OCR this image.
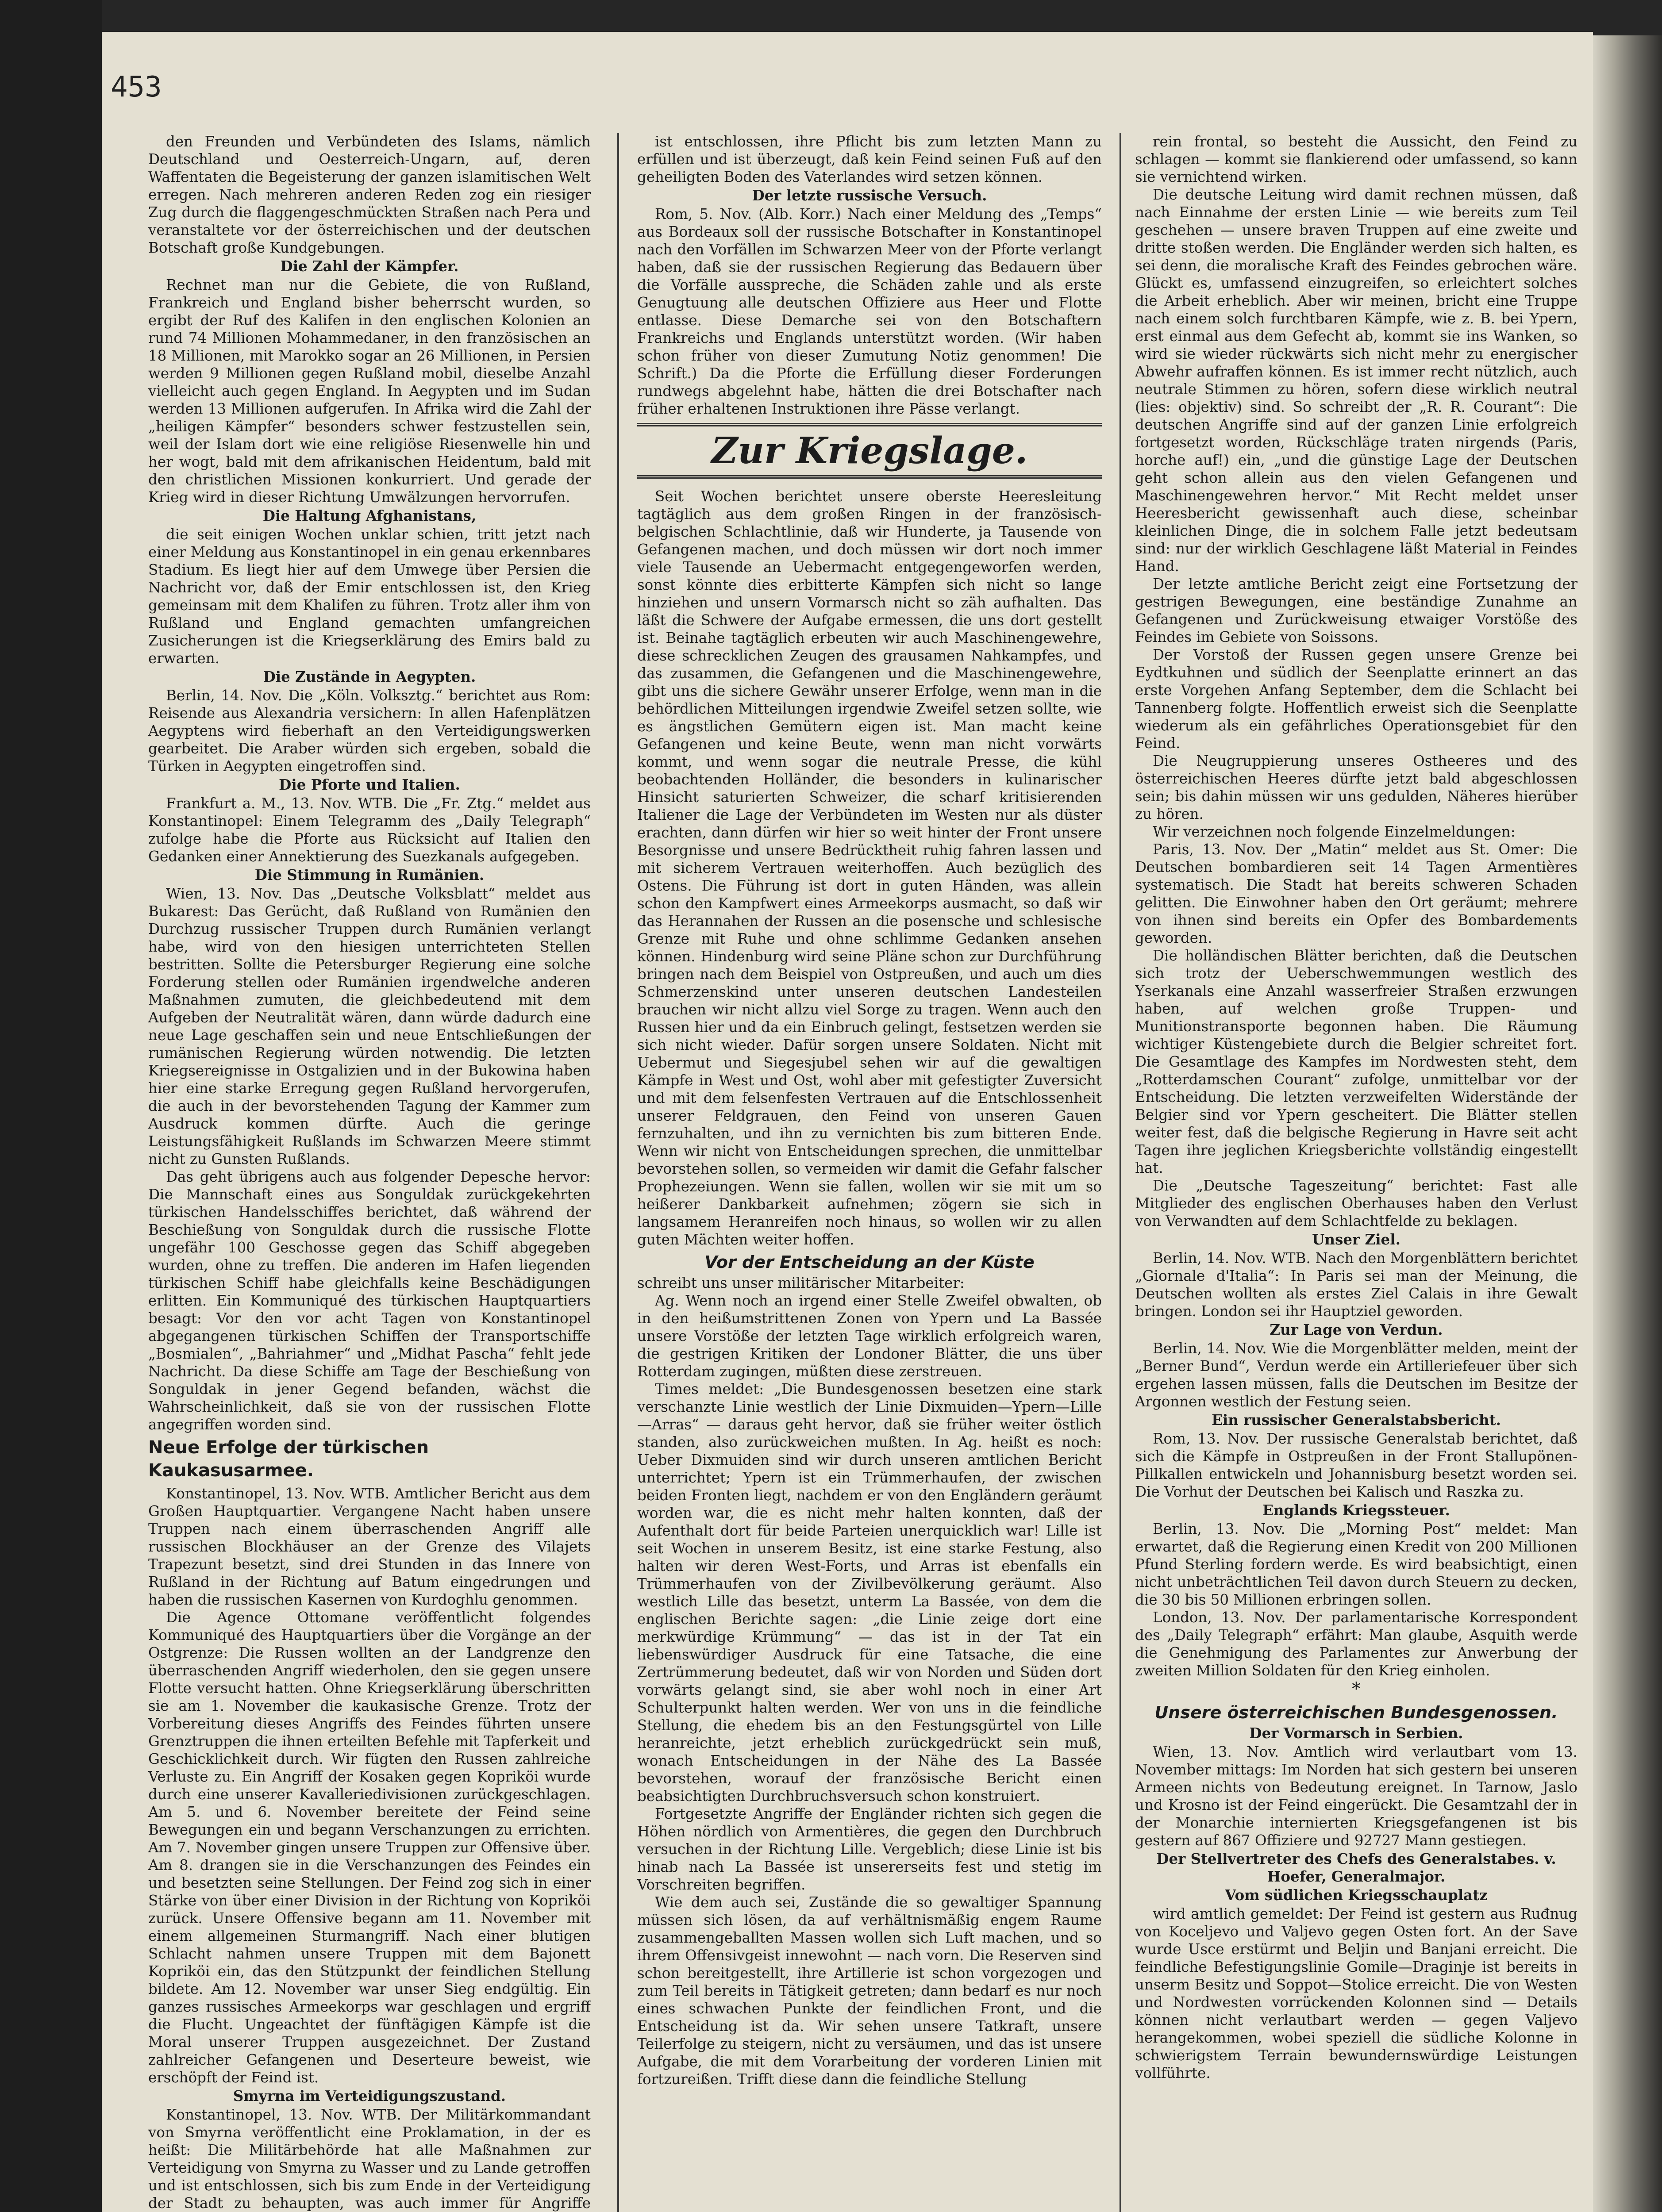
453

den Freunden und Verbündeten des Islams, nämlich Deutschland und Oesterreich-Ungarn, auf, deren Waffentaten die Begeisterung der ganzen islamitischen Welt erregen. Nach mehreren anderen Reden zog ein riesiger Zug durch die flaggengeschmückten Straßen nach Pera und veranstaltete vor der österreichischen und der deutschen Botschaft große Kundgebungen.

Die Zahl der Kämpfer.

Rechnet man nur die Gebiete, die von Rußland, Frankreich und England bisher beherrscht wurden, so ergibt der Ruf des Kalifen in den englischen Kolonien an rund 74 Millionen Mohammedaner, in den französischen an 18 Millionen, mit Marokko sogar an 26 Millionen, in Persien werden 9 Millionen gegen Rußland mobil, dieselbe Anzahl vielleicht auch gegen England. In Aegypten und im Sudan werden 13 Millionen aufgerufen. In Afrika wird die Zahl der „heiligen Kämpfer“ besonders schwer festzustellen sein, weil der Islam dort wie eine religiöse Riesenwelle hin und her wogt, bald mit dem afrikanischen Heidentum, bald mit den christlichen Missionen konkurriert. Und gerade der Krieg wird in dieser Richtung Umwälzungen hervorrufen.

Die Haltung Afghanistans,

die seit einigen Wochen unklar schien, tritt jetzt nach einer Meldung aus Konstantinopel in ein genau erkennbares Stadium. Es liegt hier auf dem Umwege über Persien die Nachricht vor, daß der Emir entschlossen ist, den Krieg gemeinsam mit dem Khalifen zu führen. Trotz aller ihm von Rußland und England gemachten umfangreichen Zusicherungen ist die Kriegserklärung des Emirs bald zu erwarten.

Die Zustände in Aegypten.

Berlin, 14. Nov. Die „Köln. Volksztg.“ berichtet aus Rom: Reisende aus Alexandria versichern: In allen Hafenplätzen Aegyptens wird fieberhaft an den Verteidigungswerken gearbeitet. Die Araber würden sich ergeben, sobald die Türken in Aegypten eingetroffen sind.

Die Pforte und Italien.

Frankfurt a. M., 13. Nov. WTB. Die „Fr. Ztg.“ meldet aus Konstantinopel: Einem Telegramm des „Daily Telegraph“ zufolge habe die Pforte aus Rücksicht auf Italien den Gedanken einer Annektierung des Suezkanals aufgegeben.

Die Stimmung in Rumänien.

Wien, 13. Nov. Das „Deutsche Volksblatt“ meldet aus Bukarest: Das Gerücht, daß Rußland von Rumänien den Durchzug russischer Truppen durch Rumänien verlangt habe, wird von den hiesigen unterrichteten Stellen bestritten. Sollte die Petersburger Regierung eine solche Forderung stellen oder Rumänien irgendwelche anderen Maßnahmen zumuten, die gleichbedeutend mit dem Aufgeben der Neutralität wären, dann würde dadurch eine neue Lage geschaffen sein und neue Entschließungen der rumänischen Regierung würden notwendig. Die letzten Kriegsereignisse in Ostgalizien und in der Bukowina haben hier eine starke Erregung gegen Rußland hervorgerufen, die auch in der bevorstehenden Tagung der Kammer zum Ausdruck kommen dürfte. Auch die geringe Leistungsfähigkeit Rußlands im Schwarzen Meere stimmt nicht zu Gunsten Rußlands.

Das geht übrigens auch aus folgender Depesche hervor: Die Mannschaft eines aus Songuldak zurückgekehrten türkischen Handelsschiffes berichtet, daß während der Beschießung von Songuldak durch die russische Flotte ungefähr 100 Geschosse gegen das Schiff abgegeben wurden, ohne zu treffen. Die anderen im Hafen liegenden türkischen Schiff habe gleichfalls keine Beschädigungen erlitten. Ein Kommuniqué des türkischen Hauptquartiers besagt: Vor den vor acht Tagen von Konstantinopel abgegangenen türkischen Schiffen der Transportschiffe „Bosmialen“, „Bahriahmer“ und „Midhat Pascha“ fehlt jede Nachricht. Da diese Schiffe am Tage der Beschießung von Songuldak in jener Gegend befanden, wächst die Wahrscheinlichkeit, daß sie von der russischen Flotte angegriffen worden sind.

Neue Erfolge der türkischen Kaukasusarmee.

Konstantinopel, 13. Nov. WTB. Amtlicher Bericht aus dem Großen Hauptquartier. Vergangene Nacht haben unsere Truppen nach einem überraschenden Angriff alle russischen Blockhäuser an der Grenze des Vilajets Trapezunt besetzt, sind drei Stunden in das Innere von Rußland in der Richtung auf Batum eingedrungen und haben die russischen Kasernen von Kurdoghlu genommen.

Die Agence Ottomane veröffentlicht folgendes Kommuniqué des Hauptquartiers über die Vorgänge an der Ostgrenze: Die Russen wollten an der Landgrenze den überraschenden Angriff wiederholen, den sie gegen unsere Flotte versucht hatten. Ohne Kriegserklärung überschritten sie am 1. November die kaukasische Grenze. Trotz der Vorbereitung dieses Angriffs des Feindes führten unsere Grenztruppen die ihnen erteilten Befehle mit Tapferkeit und Geschicklichkeit durch. Wir fügten den Russen zahlreiche Verluste zu. Ein Angriff der Kosaken gegen Kopriköi wurde durch eine unserer Kavalleriedivisionen zurückgeschlagen. Am 5. und 6. November bereitete der Feind seine Bewegungen ein und begann Verschanzungen zu errichten. Am 7. November gingen unsere Truppen zur Offensive über. Am 8. drangen sie in die Verschanzungen des Feindes ein und besetzten seine Stellungen. Der Feind zog sich in einer Stärke von über einer Division in der Richtung von Kopriköi zurück. Unsere Offensive begann am 11. November mit einem allgemeinen Sturmangriff. Nach einer blutigen Schlacht nahmen unsere Truppen mit dem Bajonett Kopriköi ein, das den Stützpunkt der feindlichen Stellung bildete. Am 12. November war unser Sieg endgültig. Ein ganzes russisches Armeekorps war geschlagen und ergriff die Flucht. Ungeachtet der fünftägigen Kämpfe ist die Moral unserer Truppen ausgezeichnet. Der Zustand zahlreicher Gefangenen und Deserteure beweist, wie erschöpft der Feind ist.

Smyrna im Verteidigungszustand.

Konstantinopel, 13. Nov. WTB. Der Militärkommandant von Smyrna veröffentlicht eine Proklamation, in der es heißt: Die Militärbehörde hat alle Maßnahmen zur Verteidigung von Smyrna zu Wasser und zu Lande getroffen und ist entschlossen, sich bis zum Ende in der Verteidigung der Stadt zu behaupten, was auch immer für Angriffe

ist entschlossen, ihre Pflicht bis zum letzten Mann zu erfüllen und ist überzeugt, daß kein Feind seinen Fuß auf den geheiligten Boden des Vaterlandes wird setzen können.

Der letzte russische Versuch.

Rom, 5. Nov. (Alb. Korr.) Nach einer Meldung des „Temps“ aus Bordeaux soll der russische Botschafter in Konstantinopel nach den Vorfällen im Schwarzen Meer von der Pforte verlangt haben, daß sie der russischen Regierung das Bedauern über die Vorfälle ausspreche, die Schäden zahle und als erste Genugtuung alle deutschen Offiziere aus Heer und Flotte entlasse. Diese Demarche sei von den Botschaftern Frankreichs und Englands unterstützt worden. (Wir haben schon früher von dieser Zumutung Notiz genommen! Die Schrift.) Da die Pforte die Erfüllung dieser Forderungen rundwegs abgelehnt habe, hätten die drei Botschafter nach früher erhaltenen Instruktionen ihre Pässe verlangt.

Zur Kriegslage.

Seit Wochen berichtet unsere oberste Heeresleitung tagtäglich aus dem großen Ringen in der französisch-belgischen Schlachtlinie, daß wir Hunderte, ja Tausende von Gefangenen machen, und doch müssen wir dort noch immer viele Tausende an Uebermacht entgegengeworfen werden, sonst könnte dies erbitterte Kämpfen sich nicht so lange hinziehen und unsern Vormarsch nicht so zäh aufhalten. Das läßt die Schwere der Aufgabe ermessen, die uns dort gestellt ist. Beinahe tagtäglich erbeuten wir auch Maschinengewehre, diese schrecklichen Zeugen des grausamen Nahkampfes, und das zusammen, die Gefangenen und die Maschinengewehre, gibt uns die sichere Gewähr unserer Erfolge, wenn man in die behördlichen Mitteilungen irgendwie Zweifel setzen sollte, wie es ängstlichen Gemütern eigen ist. Man macht keine Gefangenen und keine Beute, wenn man nicht vorwärts kommt, und wenn sogar die neutrale Presse, die kühl beobachtenden Holländer, die besonders in kulinarischer Hinsicht saturierten Schweizer, die scharf kritisierenden Italiener die Lage der Verbündeten im Westen nur als düster erachten, dann dürfen wir hier so weit hinter der Front unsere Besorgnisse und unsere Bedrücktheit ruhig fahren lassen und mit sicherem Vertrauen weiterhoffen. Auch bezüglich des Ostens. Die Führung ist dort in guten Händen, was allein schon den Kampfwert eines Armeekorps ausmacht, so daß wir das Herannahen der Russen an die posensche und schlesische Grenze mit Ruhe und ohne schlimme Gedanken ansehen können. Hindenburg wird seine Pläne schon zur Durchführung bringen nach dem Beispiel von Ostpreußen, und auch um dies Schmerzenskind unter unseren deutschen Landesteilen brauchen wir nicht allzu viel Sorge zu tragen. Wenn auch den Russen hier und da ein Einbruch gelingt, festsetzen werden sie sich nicht wieder. Dafür sorgen unsere Soldaten. Nicht mit Uebermut und Siegesjubel sehen wir auf die gewaltigen Kämpfe in West und Ost, wohl aber mit gefestigter Zuversicht und mit dem felsenfesten Vertrauen auf die Entschlossenheit unserer Feldgrauen, den Feind von unseren Gauen fernzuhalten, und ihn zu vernichten bis zum bitteren Ende. Wenn wir nicht von Entscheidungen sprechen, die unmittelbar bevorstehen sollen, so vermeiden wir damit die Gefahr falscher Prophezeiungen. Wenn sie fallen, wollen wir sie mit um so heißerer Dankbarkeit aufnehmen; zögern sie sich in langsamem Heranreifen noch hinaus, so wollen wir zu allen guten Mächten weiter hoffen.

Vor der Entscheidung an der Küste

schreibt uns unser militärischer Mitarbeiter:

Ag. Wenn noch an irgend einer Stelle Zweifel obwalten, ob in den heißumstrittenen Zonen von Ypern und La Bassée unsere Vorstöße der letzten Tage wirklich erfolgreich waren, die gestrigen Kritiken der Londoner Blätter, die uns über Rotterdam zugingen, müßten diese zerstreuen.

Times meldet: „Die Bundesgenossen besetzen eine stark verschanzte Linie westlich der Linie Dixmuiden—Ypern—Lille—Arras“ — daraus geht hervor, daß sie früher weiter östlich standen, also zurückweichen mußten. In Ag. heißt es noch: Ueber Dixmuiden sind wir durch unseren amtlichen Bericht unterrichtet; Ypern ist ein Trümmerhaufen, der zwischen beiden Fronten liegt, nachdem er von den Engländern geräumt worden war, die es nicht mehr halten konnten, daß der Aufenthalt dort für beide Parteien unerquicklich war! Lille ist seit Wochen in unserem Besitz, ist eine starke Festung, also halten wir deren West-Forts, und Arras ist ebenfalls ein Trümmerhaufen von der Zivilbevölkerung geräumt. Also westlich Lille das besetzt, unterm La Bassée, von dem die englischen Berichte sagen: „die Linie zeige dort eine merkwürdige Krümmung“ — das ist in der Tat ein liebenswürdiger Ausdruck für eine Tatsache, die eine Zertrümmerung bedeutet, daß wir von Norden und Süden dort vorwärts gelangt sind, sie aber wohl noch in einer Art Schulterpunkt halten werden. Wer von uns in die feindliche Stellung, die ehedem bis an den Festungsgürtel von Lille heranreichte, jetzt erheblich zurückgedrückt sein muß, wonach Entscheidungen in der Nähe des La Bassée bevorstehen, worauf der französische Bericht einen beabsichtigten Durchbruchsversuch schon konstruiert.

Fortgesetzte Angriffe der Engländer richten sich gegen die Höhen nördlich von Armentières, die gegen den Durchbruch versuchen in der Richtung Lille. Vergeblich; diese Linie ist bis hinab nach La Bassée ist unsererseits fest und stetig im Vorschreiten begriffen.

Wie dem auch sei, Zustände die so gewaltiger Spannung müssen sich lösen, da auf verhältnismäßig engem Raume zusammengeballten Massen wollen sich Luft machen, und so ihrem Offensivgeist innewohnt — nach vorn. Die Reserven sind schon bereitgestellt, ihre Artillerie ist schon vorgezogen und zum Teil bereits in Tätigkeit getreten; dann bedarf es nur noch eines schwachen Punkte der feindlichen Front, und die Entscheidung ist da. Wir sehen unsere Tatkraft, unsere Teilerfolge zu steigern, nicht zu versäumen, und das ist unsere Aufgabe, die mit dem Vorarbeitung der vorderen Linien mit fortzureißen. Trifft diese dann die feindliche Stellung

rein frontal, so besteht die Aussicht, den Feind zu schlagen — kommt sie flankierend oder umfassend, so kann sie vernichtend wirken.

Die deutsche Leitung wird damit rechnen müssen, daß nach Einnahme der ersten Linie — wie bereits zum Teil geschehen — unsere braven Truppen auf eine zweite und dritte stoßen werden. Die Engländer werden sich halten, es sei denn, die moralische Kraft des Feindes gebrochen wäre. Glückt es, umfassend einzugreifen, so erleichtert solches die Arbeit erheblich. Aber wir meinen, bricht eine Truppe nach einem solch furchtbaren Kämpfe, wie z. B. bei Ypern, erst einmal aus dem Gefecht ab, kommt sie ins Wanken, so wird sie wieder rückwärts sich nicht mehr zu energischer Abwehr aufraffen können. Es ist immer recht nützlich, auch neutrale Stimmen zu hören, sofern diese wirklich neutral (lies: objektiv) sind. So schreibt der „R. R. Courant“: Die deutschen Angriffe sind auf der ganzen Linie erfolgreich fortgesetzt worden, Rückschläge traten nirgends (Paris, horche auf!) ein, „und die günstige Lage der Deutschen geht schon allein aus den vielen Gefangenen und Maschinengewehren hervor.“ Mit Recht meldet unser Heeresbericht gewissenhaft auch diese, scheinbar kleinlichen Dinge, die in solchem Falle jetzt bedeutsam sind: nur der wirklich Geschlagene läßt Material in Feindes Hand.

Der letzte amtliche Bericht zeigt eine Fortsetzung der gestrigen Bewegungen, eine beständige Zunahme an Gefangenen und Zurückweisung etwaiger Vorstöße des Feindes im Gebiete von Soissons.

Der Vorstoß der Russen gegen unsere Grenze bei Eydtkuhnen und südlich der Seenplatte erinnert an das erste Vorgehen Anfang September, dem die Schlacht bei Tannenberg folgte. Hoffentlich erweist sich die Seenplatte wiederum als ein gefährliches Operationsgebiet für den Feind.

Die Neugruppierung unseres Ostheeres und des österreichischen Heeres dürfte jetzt bald abgeschlossen sein; bis dahin müssen wir uns gedulden, Näheres hierüber zu hören.

Wir verzeichnen noch folgende Einzelmeldungen:

Paris, 13. Nov. Der „Matin“ meldet aus St. Omer: Die Deutschen bombardieren seit 14 Tagen Armentières systematisch. Die Stadt hat bereits schweren Schaden gelitten. Die Einwohner haben den Ort geräumt; mehrere von ihnen sind bereits ein Opfer des Bombardements geworden.

Die holländischen Blätter berichten, daß die Deutschen sich trotz der Ueberschwemmungen westlich des Yserkanals eine Anzahl wasserfreier Straßen erzwungen haben, auf welchen große Truppen- und Munitionstransporte begonnen haben. Die Räumung wichtiger Küstengebiete durch die Belgier schreitet fort. Die Gesamtlage des Kampfes im Nordwesten steht, dem „Rotterdamschen Courant“ zufolge, unmittelbar vor der Entscheidung. Die letzten verzweifelten Widerstände der Belgier sind vor Ypern gescheitert. Die Blätter stellen weiter fest, daß die belgische Regierung in Havre seit acht Tagen ihre jeglichen Kriegsberichte vollständig eingestellt hat.

Die „Deutsche Tageszeitung“ berichtet: Fast alle Mitglieder des englischen Oberhauses haben den Verlust von Verwandten auf dem Schlachtfelde zu beklagen.

Unser Ziel.

Berlin, 14. Nov. WTB. Nach den Morgenblättern berichtet „Giornale d'Italia“: In Paris sei man der Meinung, die Deutschen wollten als erstes Ziel Calais in ihre Gewalt bringen. London sei ihr Hauptziel geworden.

Zur Lage von Verdun.

Berlin, 14. Nov. Wie die Morgenblätter melden, meint der „Berner Bund“, Verdun werde ein Artilleriefeuer über sich ergehen lassen müssen, falls die Deutschen im Besitze der Argonnen westlich der Festung seien.

Ein russischer Generalstabsbericht.

Rom, 13. Nov. Der russische Generalstab berichtet, daß sich die Kämpfe in Ostpreußen in der Front Stallupönen-Pillkallen entwickeln und Johannisburg besetzt worden sei. Die Vorhut der Deutschen bei Kalisch und Raszka zu.

Englands Kriegssteuer.

Berlin, 13. Nov. Die „Morning Post“ meldet: Man erwartet, daß die Regierung einen Kredit von 200 Millionen Pfund Sterling fordern werde. Es wird beabsichtigt, einen nicht unbeträchtlichen Teil davon durch Steuern zu decken, die 30 bis 50 Millionen erbringen sollen.

London, 13. Nov. Der parlamentarische Korrespondent des „Daily Telegraph“ erfährt: Man glaube, Asquith werde die Genehmigung des Parlamentes zur Anwerbung der zweiten Million Soldaten für den Krieg einholen.

*

Unsere österreichischen Bundesgenossen.

Der Vormarsch in Serbien.

Wien, 13. Nov. Amtlich wird verlautbart vom 13. November mittags: Im Norden hat sich gestern bei unseren Armeen nichts von Bedeutung ereignet. In Tarnow, Jaslo und Krosno ist der Feind eingerückt. Die Gesamtzahl der in der Monarchie internierten Kriegsgefangenen ist bis gestern auf 867 Offiziere und 92727 Mann gestiegen.

Der Stellvertreter des Chefs des Generalstabes. v. Hoefer, Generalmajor.

Vom südlichen Kriegsschauplatz

wird amtlich gemeldet: Der Feind ist gestern aus Ruđnug von Koceljevo und Valjevo gegen Osten fort. An der Save wurde Usce erstürmt und Beljin und Banjani erreicht. Die feindliche Befestigungslinie Gomile—Draginje ist bereits in unserm Besitz und Soppot—Stolice erreicht. Die von Westen und Nordwesten vorrückenden Kolonnen sind — Details können nicht verlautbart werden — gegen Valjevo herangekommen, wobei speziell die südliche Kolonne in schwierigstem Terrain bewundernswürdige Leistungen vollführte.
